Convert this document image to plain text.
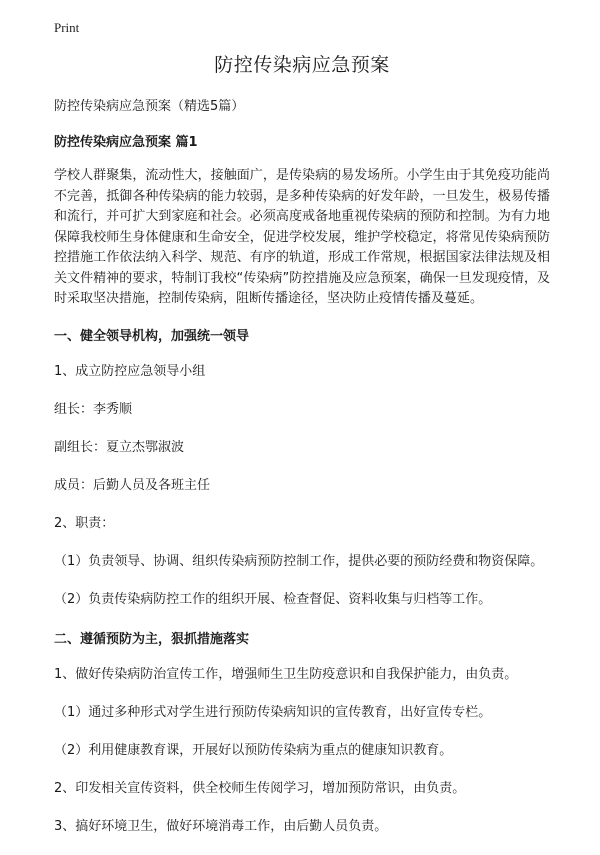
Print
防控传染病应急预案

防控传染病应急预案（精选5篇）

防控传染病应急预案 篇1

学校人群聚集，流动性大，接触面广，是传染病的易发场所。小学生由于其免疫功能尚不完善，抵御各种传染病的能力较弱，是多种传染病的好发年龄，一旦发生，极易传播和流行，并可扩大到家庭和社会。必须高度戒备地重视传染病的预防和控制。为有力地保障我校师生身体健康和生命安全，促进学校发展，维护学校稳定，将常见传染病预防控措施工作依法纳入科学、规范、有序的轨道，形成工作常规，根据国家法律法规及相关文件精神的要求，特制订我校“传染病”防控措施及应急预案，确保一旦发现疫情，及时采取坚决措施，控制传染病，阻断传播途径，坚决防止疫情传播及蔓延。

一、健全领导机构，加强统一领导

1、成立防控应急领导小组

组长：李秀顺

副组长：夏立杰鄂淑波

成员：后勤人员及各班主任

2、职责：

（1）负责领导、协调、组织传染病预防控制工作，提供必要的预防经费和物资保障。

（2）负责传染病防控工作的组织开展、检查督促、资料收集与归档等工作。

二、遵循预防为主，狠抓措施落实

1、做好传染病防治宣传工作，增强师生卫生防疫意识和自我保护能力，由负责。

（1）通过多种形式对学生进行预防传染病知识的宣传教育，出好宣传专栏。

（2）利用健康教育课，开展好以预防传染病为重点的健康知识教育。

2、印发相关宣传资料，供全校师生传阅学习，增加预防常识，由负责。

3、搞好环境卫生，做好环境消毒工作，由后勤人员负责。
